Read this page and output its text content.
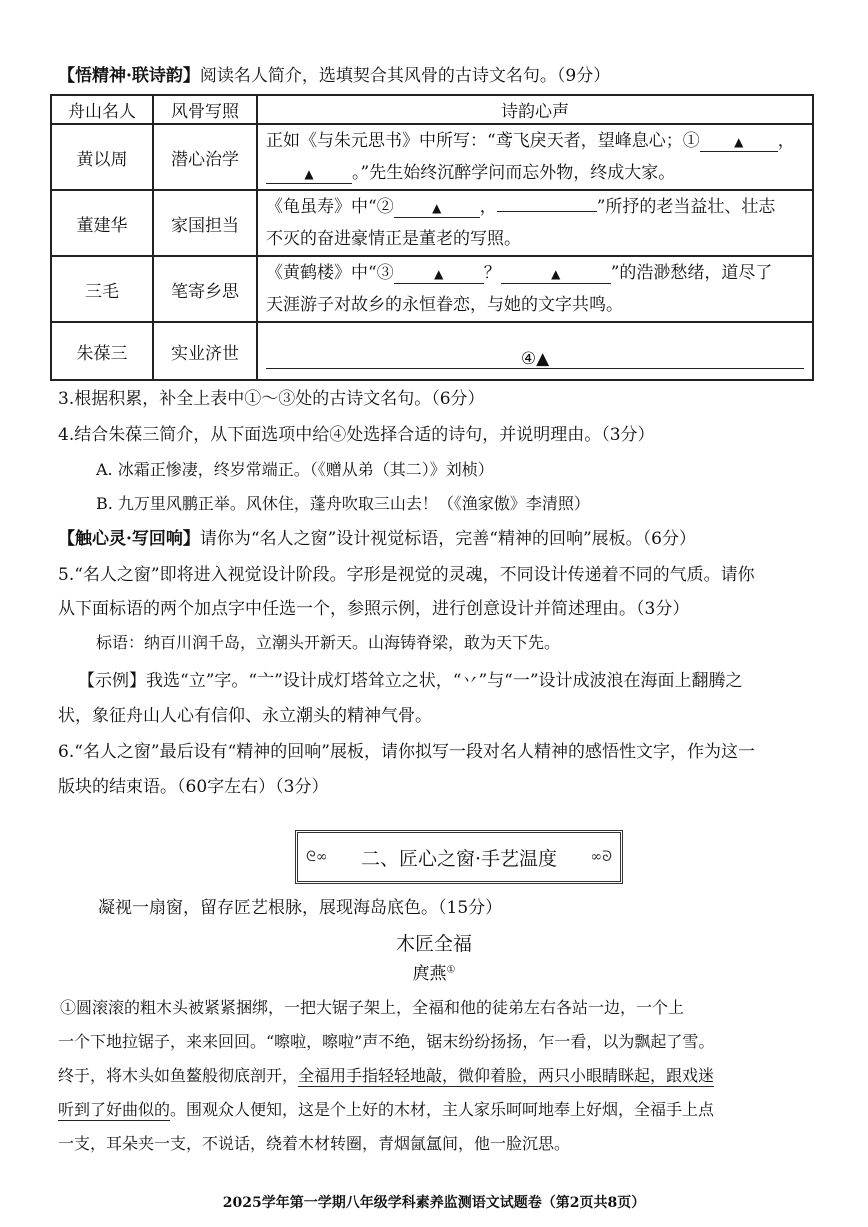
【悟精神·联诗韵】阅读名人简介，选填契合其风骨的古诗文名句。（9分）
舟山名人	风骨写照	诗韵心声
黄以周	潜心治学	正如《与朱元思书》中所写：“鸢飞戾天者，望峰息心；① ▲ ，
▲ 。”先生始终沉醉学问而忘外物，终成大家。
董建华	家国担当	《龟虽寿》中“② ▲ ， ”所抒的老当益壮、壮志
不灭的奋进豪情正是董老的写照。
三毛	笔寄乡思	《黄鹤楼》中“③ ▲ ？ ▲ ”的浩渺愁绪，道尽了
天涯游子对故乡的永恒眷恋，与她的文字共鸣。
朱葆三	实业济世	④▲
3.根据积累，补全上表中①～③处的古诗文名句。（6分）
4.结合朱葆三简介，从下面选项中给④处选择合适的诗句，并说明理由。（3分）
A. 冰霜正惨凄，终岁常端正。（《赠从弟（其二）》刘桢）
B. 九万里风鹏正举。风休住，蓬舟吹取三山去！（《渔家傲》李清照）
【触心灵·写回响】请你为“名人之窗”设计视觉标语，完善“精神的回响”展板。（6分）
5.“名人之窗”即将进入视觉设计阶段。字形是视觉的灵魂，不同设计传递着不同的气质。请你
从下面标语的两个加点字中任选一个，参照示例，进行创意设计并简述理由。（3分）
标语：纳百川润千岛，立潮头开新天。山海铸脊梁，敢为天下先。
【示例】我选“立”字。“亠”设计成灯塔耸立之状，“丷”与“一”设计成波浪在海面上翻腾之
状，象征舟山人心有信仰、永立潮头的精神气骨。
6.“名人之窗”最后设有“精神的回响”展板，请你拟写一段对名人精神的感悟性文字，作为这一
版块的结束语。（60字左右）（3分）
ᘓ∞ 二、匠心之窗·手艺温度 ∞ᘐ
凝视一扇窗，留存匠艺根脉，展现海岛底色。（15分）
木匠全福
庹燕①
①圆滚滚的粗木头被紧紧捆绑，一把大锯子架上，全福和他的徒弟左右各站一边，一个上
一个下地拉锯子，来来回回。“嚓啦，嚓啦”声不绝，锯末纷纷扬扬，乍一看，以为飘起了雪。
终于，将木头如鱼鳌般彻底剖开，全福用手指轻轻地敲，微仰着脸，两只小眼睛眯起，跟戏迷
听到了好曲似的。围观众人便知，这是个上好的木材，主人家乐呵呵地奉上好烟，全福手上点
一支，耳朵夹一支，不说话，绕着木材转圈，青烟氤氲间，他一脸沉思。
2025学年第一学期八年级学科素养监测语文试题卷（第2页共8页）
